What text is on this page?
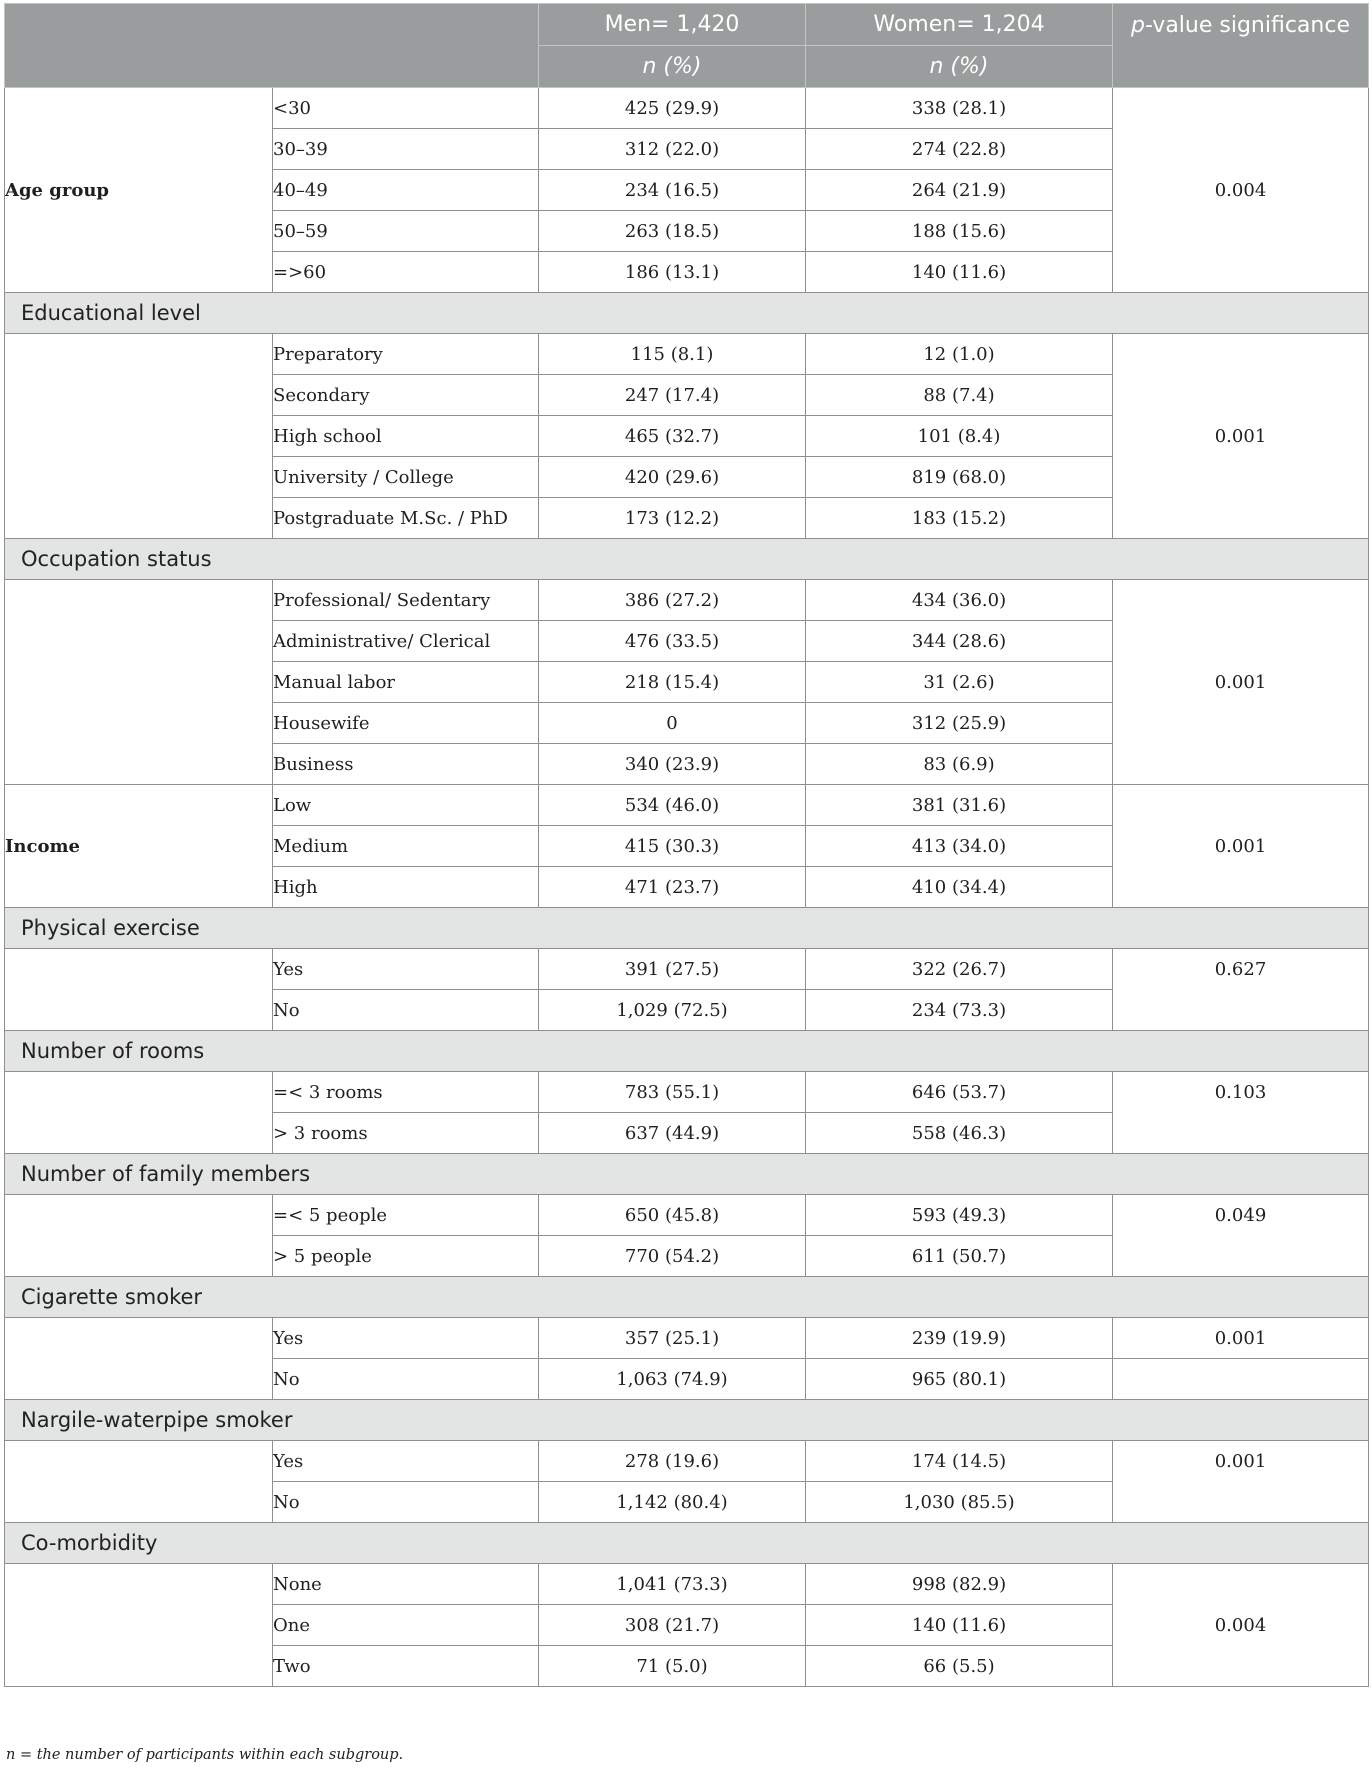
		Men= 1,420	Women= 1,204	p-value significance
		n (%)	n (%)	
Age group	<30	425 (29.9)	338 (28.1)	0.004
	30–39	312 (22.0)	274 (22.8)	
	40–49	234 (16.5)	264 (21.9)	
	50–59	263 (18.5)	188 (15.6)	
	=>60	186 (13.1)	140 (11.6)	
Educational level				
	Preparatory	115 (8.1)	12 (1.0)	0.001
	Secondary	247 (17.4)	88 (7.4)	
	High school	465 (32.7)	101 (8.4)	
	University / College	420 (29.6)	819 (68.0)	
	Postgraduate M.Sc. / PhD	173 (12.2)	183 (15.2)	
Occupation status				
	Professional/ Sedentary	386 (27.2)	434 (36.0)	0.001
	Administrative/ Clerical	476 (33.5)	344 (28.6)	
	Manual labor	218 (15.4)	31 (2.6)	
	Housewife	0	312 (25.9)	
	Business	340 (23.9)	83 (6.9)	
Income	Low	534 (46.0)	381 (31.6)	0.001
	Medium	415 (30.3)	413 (34.0)	
	High	471 (23.7)	410 (34.4)	
Physical exercise				
	Yes	391 (27.5)	322 (26.7)	0.627
	No	1,029 (72.5)	234 (73.3)	
Number of rooms				
	=< 3 rooms	783 (55.1)	646 (53.7)	0.103
	> 3 rooms	637 (44.9)	558 (46.3)	
Number of family members				
	=< 5 people	650 (45.8)	593 (49.3)	0.049
	> 5 people	770 (54.2)	611 (50.7)	
Cigarette smoker				
	Yes	357 (25.1)	239 (19.9)	0.001
	No	1,063 (74.9)	965 (80.1)	
Nargile-waterpipe smoker				
	Yes	278 (19.6)	174 (14.5)	0.001
	No	1,142 (80.4)	1,030 (85.5)	
Co-morbidity				
	None	1,041 (73.3)	998 (82.9)	0.004
	One	308 (21.7)	140 (11.6)	
	Two	71 (5.0)	66 (5.5)	
n = the number of participants within each subgroup.
